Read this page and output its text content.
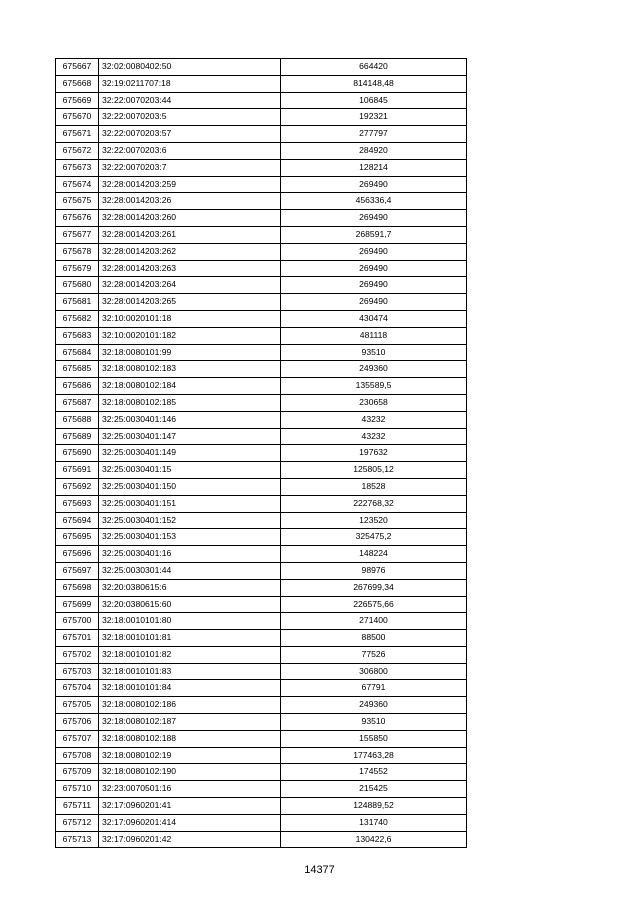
675667	32:02:0080402:50	664420
675668	32:19:0211707:18	814148,48
675669	32:22:0070203:44	106845
675670	32:22:0070203:5	192321
675671	32:22:0070203:57	277797
675672	32:22:0070203:6	284920
675673	32:22:0070203:7	128214
675674	32:28:0014203:259	269490
675675	32:28:0014203:26	456336,4
675676	32:28:0014203:260	269490
675677	32:28:0014203:261	268591,7
675678	32:28:0014203:262	269490
675679	32:28:0014203:263	269490
675680	32:28:0014203:264	269490
675681	32:28:0014203:265	269490
675682	32:10:0020101:18	430474
675683	32:10:0020101:182	481118
675684	32:18:0080101:99	93510
675685	32:18:0080102:183	249360
675686	32:18:0080102:184	135589,5
675687	32:18:0080102:185	230658
675688	32:25:0030401:146	43232
675689	32:25:0030401:147	43232
675690	32:25:0030401:149	197632
675691	32:25:0030401:15	125805,12
675692	32:25:0030401:150	18528
675693	32:25:0030401:151	222768,32
675694	32:25:0030401:152	123520
675695	32:25:0030401:153	325475,2
675696	32:25:0030401:16	148224
675697	32:25:0030301:44	98976
675698	32:20:0380615:6	267699,34
675699	32:20:0380615:60	226575,66
675700	32:18:0010101:80	271400
675701	32:18:0010101:81	88500
675702	32:18:0010101:82	77526
675703	32:18:0010101:83	306800
675704	32:18:0010101:84	67791
675705	32:18:0080102:186	249360
675706	32:18:0080102:187	93510
675707	32:18:0080102:188	155850
675708	32:18:0080102:19	177463,28
675709	32:18:0080102:190	174552
675710	32:23:0070501:16	215425
675711	32:17:0960201:41	124889,52
675712	32:17:0960201:414	131740
675713	32:17:0960201:42	130422,6
14377
